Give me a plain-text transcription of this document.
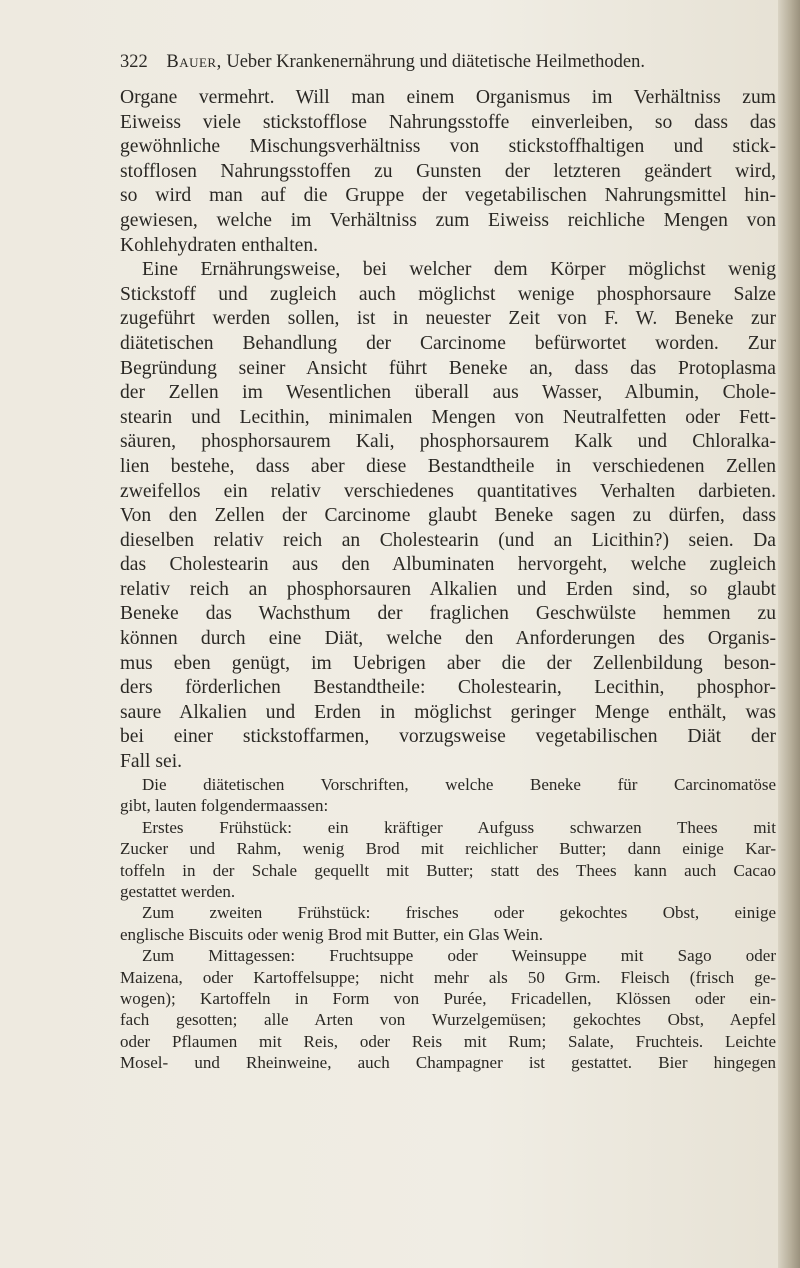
322 Bauer, Ueber Krankenernährung und diätetische Heilmethoden.
Organe vermehrt. Will man einem Organismus im Verhältniss zum
Eiweiss viele stickstofflose Nahrungsstoffe einverleiben, so dass das
gewöhnliche Mischungsverhältniss von stickstoffhaltigen und stick-
stofflosen Nahrungsstoffen zu Gunsten der letzteren geändert wird,
so wird man auf die Gruppe der vegetabilischen Nahrungsmittel hin-
gewiesen, welche im Verhältniss zum Eiweiss reichliche Mengen von
Kohlehydraten enthalten.
Eine Ernährungsweise, bei welcher dem Körper möglichst wenig
Stickstoff und zugleich auch möglichst wenige phosphorsaure Salze
zugeführt werden sollen, ist in neuester Zeit von F. W. Beneke zur
diätetischen Behandlung der Carcinome befürwortet worden. Zur
Begründung seiner Ansicht führt Beneke an, dass das Protoplasma
der Zellen im Wesentlichen überall aus Wasser, Albumin, Chole-
stearin und Lecithin, minimalen Mengen von Neutralfetten oder Fett-
säuren, phosphorsaurem Kali, phosphorsaurem Kalk und Chloralka-
lien bestehe, dass aber diese Bestandtheile in verschiedenen Zellen
zweifellos ein relativ verschiedenes quantitatives Verhalten darbieten.
Von den Zellen der Carcinome glaubt Beneke sagen zu dürfen, dass
dieselben relativ reich an Cholestearin (und an Licithin?) seien. Da
das Cholestearin aus den Albuminaten hervorgeht, welche zugleich
relativ reich an phosphorsauren Alkalien und Erden sind, so glaubt
Beneke das Wachsthum der fraglichen Geschwülste hemmen zu
können durch eine Diät, welche den Anforderungen des Organis-
mus eben genügt, im Uebrigen aber die der Zellenbildung beson-
ders förderlichen Bestandtheile: Cholestearin, Lecithin, phosphor-
saure Alkalien und Erden in möglichst geringer Menge enthält, was
bei einer stickstoffarmen, vorzugsweise vegetabilischen Diät der
Fall sei.
Die diätetischen Vorschriften, welche Beneke für Carcinomatöse
gibt, lauten folgendermaassen:
Erstes Frühstück: ein kräftiger Aufguss schwarzen Thees mit
Zucker und Rahm, wenig Brod mit reichlicher Butter; dann einige Kar-
toffeln in der Schale gequellt mit Butter; statt des Thees kann auch Cacao
gestattet werden.
Zum zweiten Frühstück: frisches oder gekochtes Obst, einige
englische Biscuits oder wenig Brod mit Butter, ein Glas Wein.
Zum Mittagessen: Fruchtsuppe oder Weinsuppe mit Sago oder
Maizena, oder Kartoffelsuppe; nicht mehr als 50 Grm. Fleisch (frisch ge-
wogen); Kartoffeln in Form von Purée, Fricadellen, Klössen oder ein-
fach gesotten; alle Arten von Wurzelgemüsen; gekochtes Obst, Aepfel
oder Pflaumen mit Reis, oder Reis mit Rum; Salate, Fruchteis. Leichte
Mosel- und Rheinweine, auch Champagner ist gestattet. Bier hingegen
